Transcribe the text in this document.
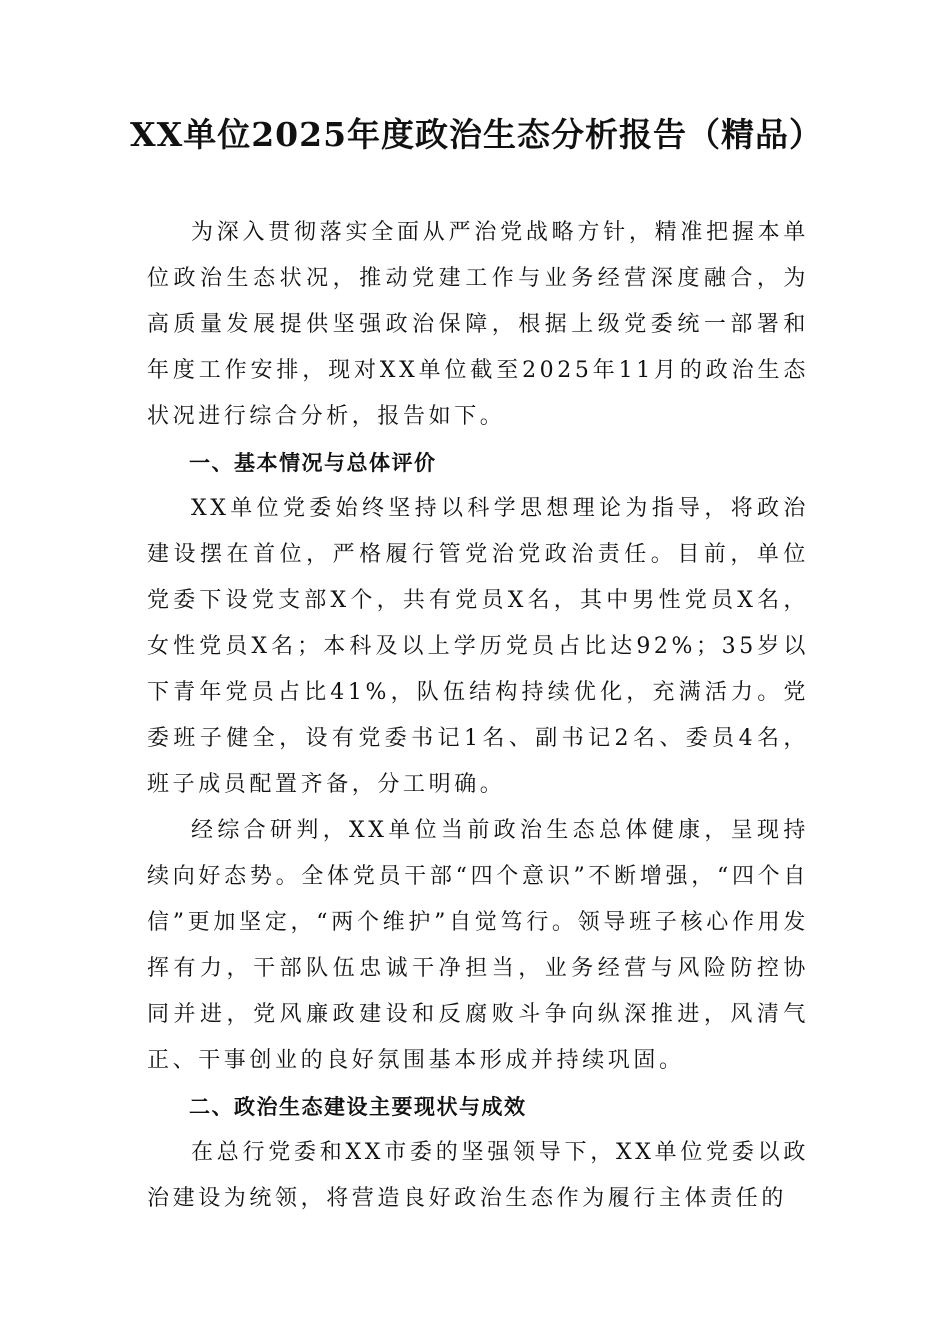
XX单位2025年度政治生态分析报告（精品）

为深入贯彻落实全面从严治党战略方针，精准把握本单位政治生态状况，推动党建工作与业务经营深度融合，为高质量发展提供坚强政治保障，根据上级党委统一部署和年度工作安排，现对XX单位截至2025年11月的政治生态状况进行综合分析，报告如下。

一、基本情况与总体评价

XX单位党委始终坚持以科学思想理论为指导，将政治建设摆在首位，严格履行管党治党政治责任。目前，单位党委下设党支部X个，共有党员X名，其中男性党员X名，女性党员X名；本科及以上学历党员占比达92%；35岁以下青年党员占比41%，队伍结构持续优化，充满活力。党委班子健全，设有党委书记1名、副书记2名、委员4名，班子成员配置齐备，分工明确。

经综合研判，XX单位当前政治生态总体健康，呈现持续向好态势。全体党员干部“四个意识”不断增强，“四个自信”更加坚定，“两个维护”自觉笃行。领导班子核心作用发挥有力，干部队伍忠诚干净担当，业务经营与风险防控协同并进，党风廉政建设和反腐败斗争向纵深推进，风清气正、干事创业的良好氛围基本形成并持续巩固。

二、政治生态建设主要现状与成效

在总行党委和XX市委的坚强领导下，XX单位党委以政治建设为统领，将营造良好政治生态作为履行主体责任的
